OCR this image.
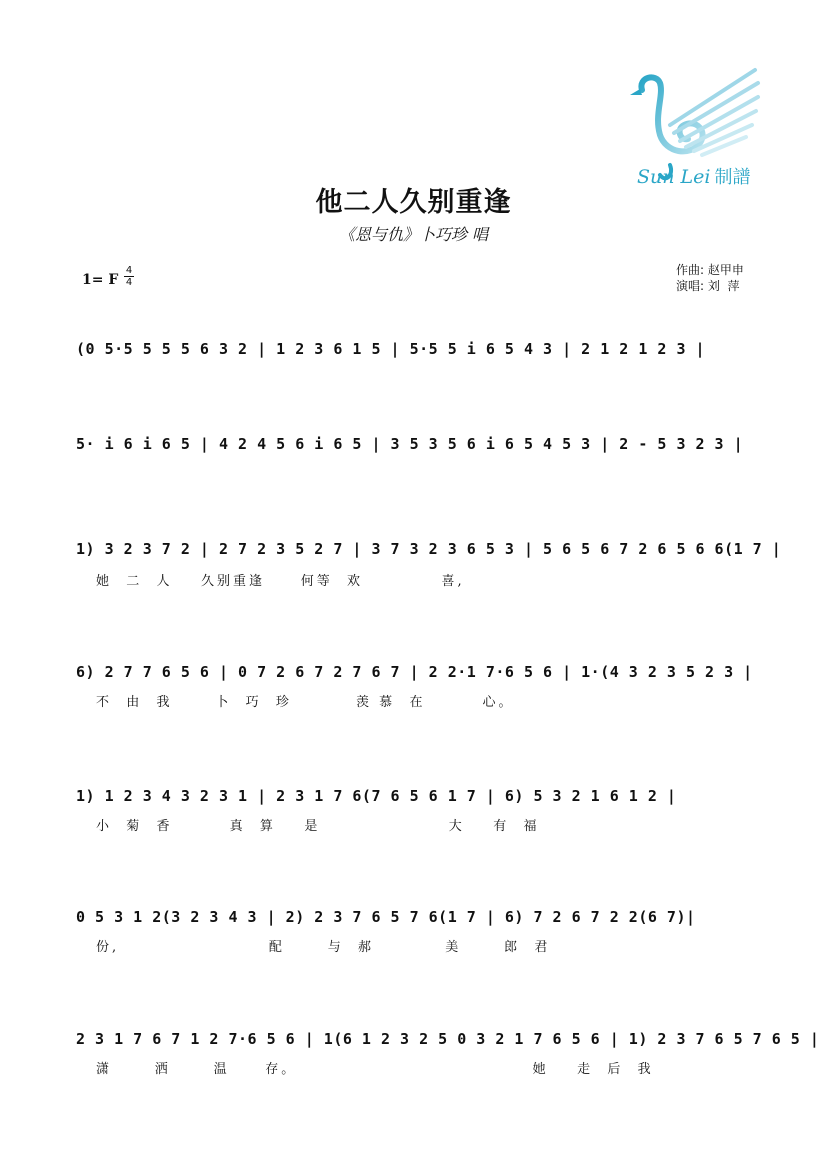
Sun Lei 制譜
他二人久别重逢
《恩与仇》卜巧珍 唱
1= F
4
4
作曲: 赵甲申
演唱: 刘  萍
(0 5·5 5 5 5 6 3 2 | 1 2 3 6 1 5 | 5·5 5 i 6 5 4 3 | 2 1 2 1 2 3 |
5· i 6 i 6 5 | 4 2 4 5 6 i 6 5 | 3 5 3 5 6 i 6 5 4 5 3 | 2 - 5 3 2 3 |
1) 3 2 3 7 2 | 2 7 2 3 5 2 7 | 3 7 3 2 3 6 5 3 | 5 6 5 6 7 2 6 5 6 6(1 7 |
她  二  人    久别重逢     何等  欢           喜,
6) 2 7 7 6 5 6 | 0 7 2 6 7 2 7 6 7 | 2 2·1 7·6 5 6 | 1·(4 3 2 3 5 2 3 |
不  由  我      卜  巧  珍         羡 慕  在        心。
1) 1 2 3 4 3 2 3 1 | 2 3 1 7 6(7 6 5 6 1 7 | 6) 5 3 2 1 6 1 2 |
小  菊  香        真  算    是                  大    有  福
0 5 3 1 2(3 2 3 4 3 | 2) 2 3 7 6 5 7 6(1 7 | 6) 7 2 6 7 2 2(6 7)|
份,                     配      与  郝          美      郎  君
2 3 1 7 6 7 1 2 7·6 5 6 | 1(6 1 2 3 2 5 0 3 2 1 7 6 5 6 | 1) 2 3 7 6 5 7 6 5 |
潇      洒      温     存。                                 她    走  后  我
